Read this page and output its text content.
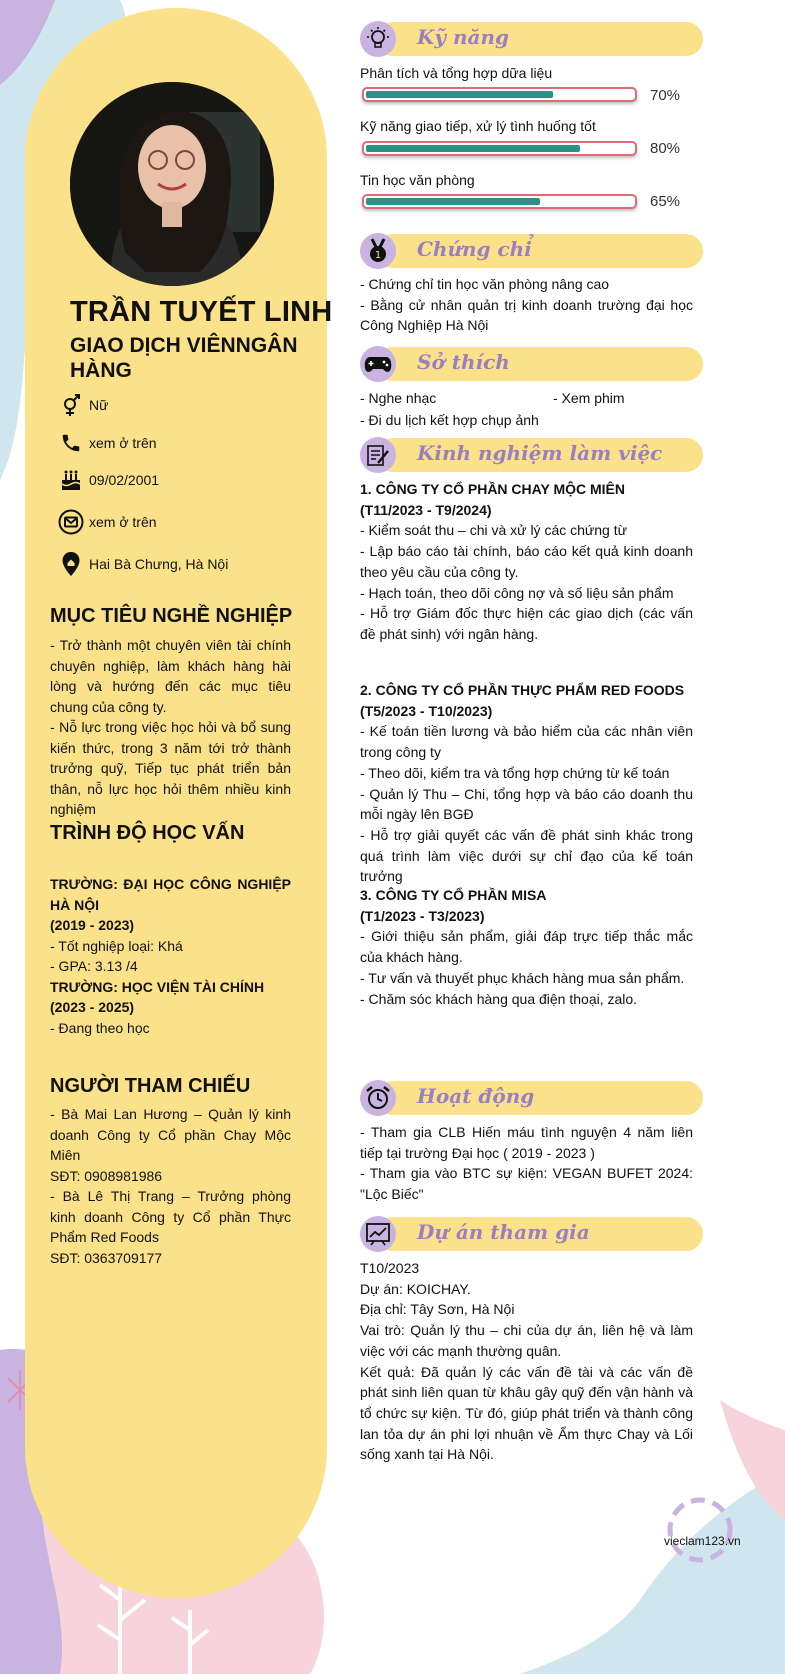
TRẦN TUYẾT LINH
GIAO DỊCH VIÊNNGÂN HÀNG
Nữ
xem ở trên
09/02/2001
xem ở trên
Hai Bà Chưng, Hà Nội
MỤC TIÊU NGHỀ NGHIỆP
- Trở thành một chuyên viên tài chính chuyên nghiệp, làm khách hàng hài lòng và hướng đến các mục tiêu chung của công ty.
- Nỗ lực trong việc học hỏi và bổ sung kiến thức, trong 3 năm tới trở thành trưởng quỹ, Tiếp tục phát triển bản thân, nỗ lực học hỏi thêm nhiều kinh nghiệm
TRÌNH ĐỘ HỌC VẤN
TRƯỜNG: ĐẠI HỌC CÔNG NGHIỆP HÀ NỘI
(2019 - 2023)
- Tốt nghiệp loại: Khá
- GPA: 3.13 /4
TRƯỜNG: HỌC VIỆN TÀI CHÍNH
(2023 - 2025)
- Đang theo học
NGƯỜI THAM CHIẾU
- Bà Mai Lan Hương – Quản lý kinh doanh Công ty Cổ phần Chay Mộc Miên
SĐT: 0908981986
- Bà Lê Thị Trang – Trưởng phòng kinh doanh Công ty Cổ phần Thực Phẩm Red Foods
SĐT: 0363709177
Kỹ năng
Phân tích và tổng hợp dữa liệu
70%
Kỹ năng giao tiếp, xử lý tình huống tốt
80%
Tin học văn phòng
65%
1 Chứng chỉ
- Chứng chỉ tin học văn phòng nâng cao
- Bằng cử nhân quản trị kinh doanh trường đại học Công Nghiệp Hà Nội
Sở thích
- Nghe nhạc	- Xem phim
- Đi du lịch kết hợp chụp ảnh
Kinh nghiệm làm việc
1. CÔNG TY CỔ PHẦN CHAY MỘC MIÊN
(T11/2023 - T9/2024)
- Kiểm soát thu – chi và xử lý các chứng từ
- Lập báo cáo tài chính, báo cáo kết quả kinh doanh theo yêu cầu của công ty.
- Hạch toán, theo dõi công nợ và số liệu sản phẩm
- Hỗ trợ Giám đốc thực hiện các giao dịch (các vấn đề phát sinh) với ngân hàng.
2. CÔNG TY CỔ PHẦN THỰC PHẨM RED FOODS
(T5/2023 - T10/2023)
- Kế toán tiền lương và bảo hiểm của các nhân viên trong công ty
- Theo dõi, kiểm tra và tổng hợp chứng từ kế toán
- Quản lý Thu – Chi, tổng hợp và báo cáo doanh thu mỗi ngày lên BGĐ
- Hỗ trợ giải quyết các vấn đề phát sinh khác trong quá trình làm việc dưới sự chỉ đạo của kế toán trưởng
3. CÔNG TY CỔ PHẦN MISA
(T1/2023 - T3/2023)
- Giới thiệu sản phẩm, giải đáp trực tiếp thắc mắc của khách hàng.
- Tư vấn và thuyết phục khách hàng mua sản phẩm.
- Chăm sóc khách hàng qua điện thoại, zalo.
Hoạt động
- Tham gia CLB Hiến máu tình nguyện 4 năm liên tiếp tại trường Đại học ( 2019 - 2023 )
- Tham gia vào BTC sự kiện: VEGAN BUFET 2024: "Lộc Biếc"
Dự án tham gia
T10/2023
Dự án: KOICHAY.
Địa chỉ: Tây Sơn, Hà Nội
Vai trò: Quản lý thu – chi của dự án, liên hệ và làm việc với các mạnh thường quân.
Kết quả: Đã quản lý các vấn đề tài và các vấn đề phát sinh liên quan từ khâu gây quỹ đến vận hành và tổ chức sự kiện. Từ đó, giúp phát triển và thành công lan tỏa dự án phi lợi nhuận về Ẩm thực Chay và Lối sống xanh tại Hà Nội.
vieclam123.vn
